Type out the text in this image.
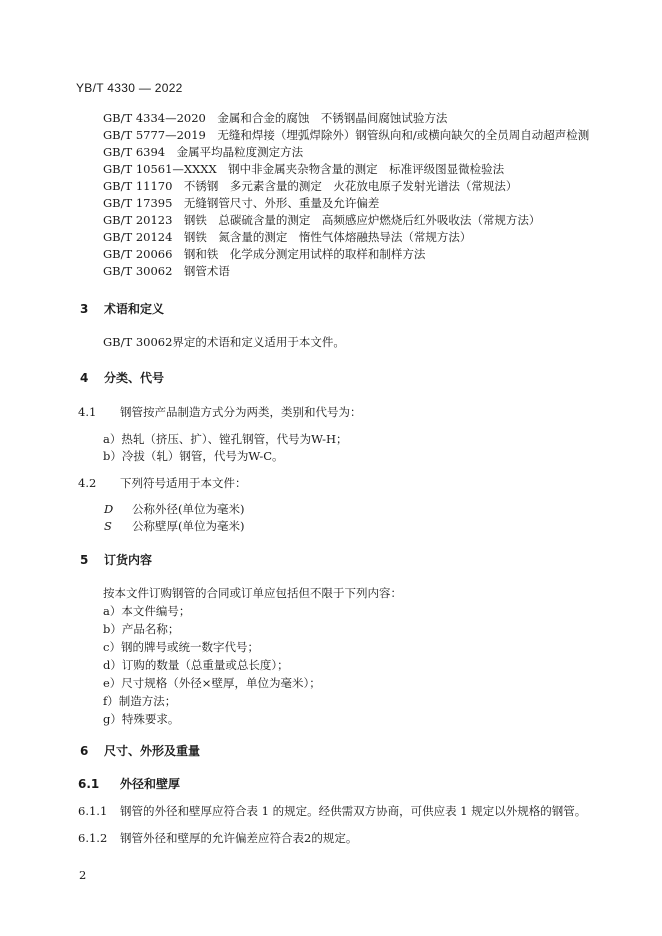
YB/T 4330 — 2022
GB/T 4334—2020　金属和合金的腐蚀　不锈钢晶间腐蚀试验方法
GB/T 5777—2019　无缝和焊接（埋弧焊除外）钢管纵向和/或横向缺欠的全员周自动超声检测
GB/T 6394　金属平均晶粒度测定方法
GB/T 10561—XXXX　钢中非金属夹杂物含量的测定　标准评级图显微检验法
GB/T 11170　不锈钢　多元素含量的测定　火花放电原子发射光谱法（常规法）
GB/T 17395　无缝钢管尺寸、外形、重量及允许偏差
GB/T 20123　钢铁　总碳硫含量的测定　高频感应炉燃烧后红外吸收法（常规方法）
GB/T 20124　钢铁　氮含量的测定　惰性气体熔融热导法（常规方法）
GB/T 20066　钢和铁　化学成分测定用试样的取样和制样方法
GB/T 30062　钢管术语
3 术语和定义
GB/T 30062界定的术语和定义适用于本文件。
4 分类、代号
4.1 钢管按产品制造方式分为两类，类别和代号为：
a）热轧（挤压、扩）、镗孔钢管，代号为W-H；
b）冷拔（轧）钢管，代号为W-C。
4.2 下列符号适用于本文件：
D 公称外径(单位为毫米)
S 公称壁厚(单位为毫米)
5 订货内容
按本文件订购钢管的合同或订单应包括但不限于下列内容：
a）本文件编号；
b）产品名称；
c）钢的牌号或统一数字代号；
d）订购的数量（总重量或总长度）；
e）尺寸规格（外径×壁厚，单位为毫米）；
f）制造方法；
g）特殊要求。
6 尺寸、外形及重量
6.1 外径和壁厚
6.1.1 钢管的外径和壁厚应符合表 1 的规定。经供需双方协商，可供应表 1 规定以外规格的钢管。
6.1.2 钢管外径和壁厚的允许偏差应符合表2的规定。
2
